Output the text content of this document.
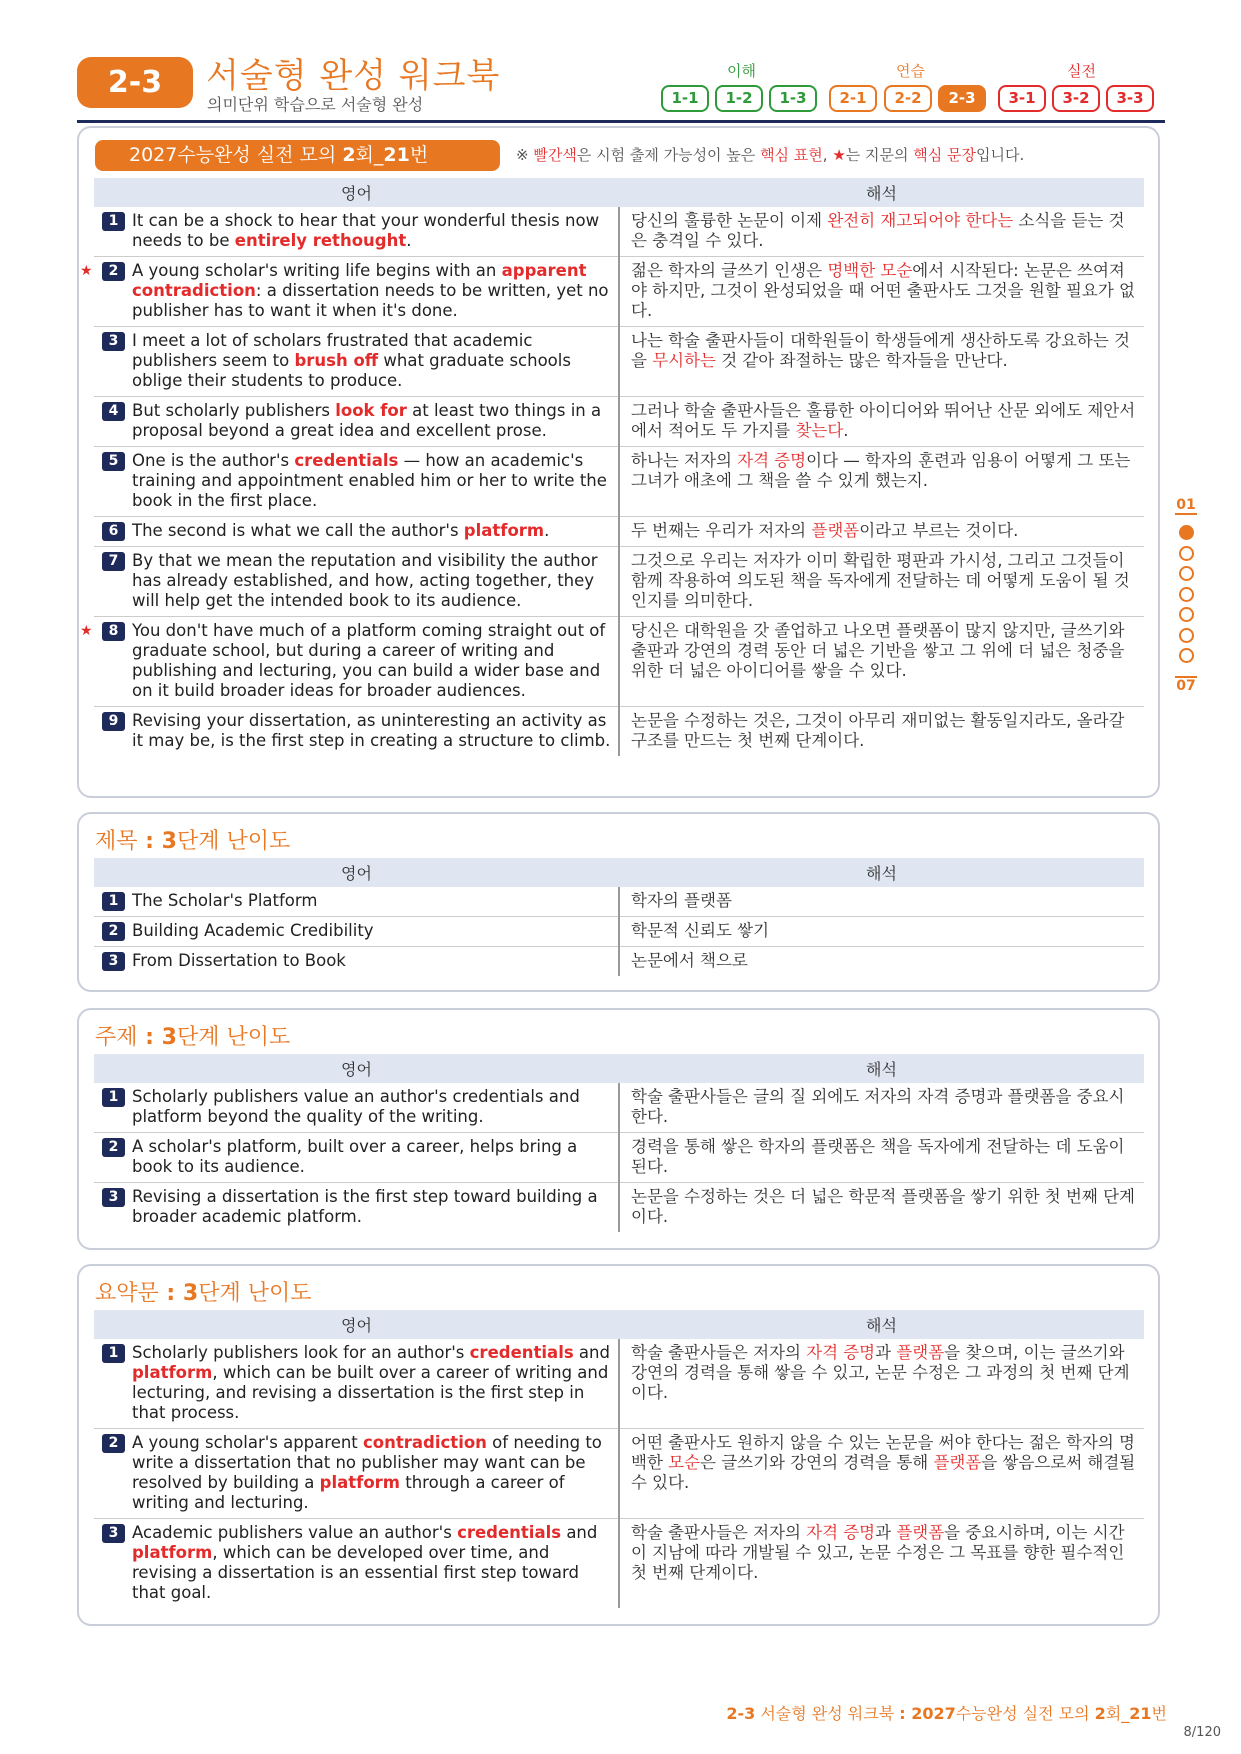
2-3	서술형 완성 워크북
의미단위 학습으로 서술형 완성
이해	연습	실전
1-1	1-2	1-3	2-1	2-2	2-3	3-1	3-2	3-3
2027수능완성 실전 모의 2회_21번	※ 빨간색은 시험 출제 가능성이 높은 핵심 표현, ★는 지문의 핵심 문장입니다.
영어	해석

1 It can be a shock to hear that your wonderful thesis now needs to be entirely rethought.	당신의 훌륭한 논문이 이제 완전히 재고되어야 한다는 소식을 듣는 것은 충격일 수 있다.

★ 2 A young scholar's writing life begins with an apparent contradiction: a dissertation needs to be written, yet no publisher has to want it when it's done.	젊은 학자의 글쓰기 인생은 명백한 모순에서 시작된다: 논문은 쓰여져야 하지만, 그것이 완성되었을 때 어떤 출판사도 그것을 원할 필요가 없다.

3 I meet a lot of scholars frustrated that academic publishers seem to brush off what graduate schools oblige their students to produce.	나는 학술 출판사들이 대학원들이 학생들에게 생산하도록 강요하는 것을 무시하는 것 같아 좌절하는 많은 학자들을 만난다.

4 But scholarly publishers look for at least two things in a proposal beyond a great idea and excellent prose.	그러나 학술 출판사들은 훌륭한 아이디어와 뛰어난 산문 외에도 제안서에서 적어도 두 가지를 찾는다.

5 One is the author's credentials — how an academic's training and appointment enabled him or her to write the book in the first place.	하나는 저자의 자격 증명이다 — 학자의 훈련과 임용이 어떻게 그 또는 그녀가 애초에 그 책을 쓸 수 있게 했는지.

6 The second is what we call the author's platform.	두 번째는 우리가 저자의 플랫폼이라고 부르는 것이다.

7 By that we mean the reputation and visibility the author has already established, and how, acting together, they will help get the intended book to its audience.	그것으로 우리는 저자가 이미 확립한 평판과 가시성, 그리고 그것들이 함께 작용하여 의도된 책을 독자에게 전달하는 데 어떻게 도움이 될 것인지를 의미한다.

★ 8 You don't have much of a platform coming straight out of graduate school, but during a career of writing and publishing and lecturing, you can build a wider base and on it build broader ideas for broader audiences.	당신은 대학원을 갓 졸업하고 나오면 플랫폼이 많지 않지만, 글쓰기와 출판과 강연의 경력 동안 더 넓은 기반을 쌓고 그 위에 더 넓은 청중을 위한 더 넓은 아이디어를 쌓을 수 있다.

9 Revising your dissertation, as uninteresting an activity as it may be, is the first step in creating a structure to climb.	논문을 수정하는 것은, 그것이 아무리 재미없는 활동일지라도, 올라갈 구조를 만드는 첫 번째 단계이다.
제목 : 3단계 난이도
영어	해석

1 The Scholar's Platform	학자의 플랫폼

2 Building Academic Credibility	학문적 신뢰도 쌓기

3 From Dissertation to Book	논문에서 책으로
주제 : 3단계 난이도
영어	해석

1 Scholarly publishers value an author's credentials and platform beyond the quality of the writing.	학술 출판사들은 글의 질 외에도 저자의 자격 증명과 플랫폼을 중요시한다.

2 A scholar's platform, built over a career, helps bring a book to its audience.	경력을 통해 쌓은 학자의 플랫폼은 책을 독자에게 전달하는 데 도움이 된다.

3 Revising a dissertation is the first step toward building a broader academic platform.	논문을 수정하는 것은 더 넓은 학문적 플랫폼을 쌓기 위한 첫 번째 단계이다.
요약문 : 3단계 난이도
영어	해석

1 Scholarly publishers look for an author's credentials and platform, which can be built over a career of writing and lecturing, and revising a dissertation is the first step in that process.	학술 출판사들은 저자의 자격 증명과 플랫폼을 찾으며, 이는 글쓰기와 강연의 경력을 통해 쌓을 수 있고, 논문 수정은 그 과정의 첫 번째 단계이다.

2 A young scholar's apparent contradiction of needing to write a dissertation that no publisher may want can be resolved by building a platform through a career of writing and lecturing.	어떤 출판사도 원하지 않을 수 있는 논문을 써야 한다는 젊은 학자의 명백한 모순은 글쓰기와 강연의 경력을 통해 플랫폼을 쌓음으로써 해결될 수 있다.

3 Academic publishers value an author's credentials and platform, which can be developed over time, and revising a dissertation is an essential first step toward that goal.	학술 출판사들은 저자의 자격 증명과 플랫폼을 중요시하며, 이는 시간이 지남에 따라 개발될 수 있고, 논문 수정은 그 목표를 향한 필수적인 첫 번째 단계이다.
01
07
2-3 서술형 완성 워크북 : 2027수능완성 실전 모의 2회_21번
8/120
